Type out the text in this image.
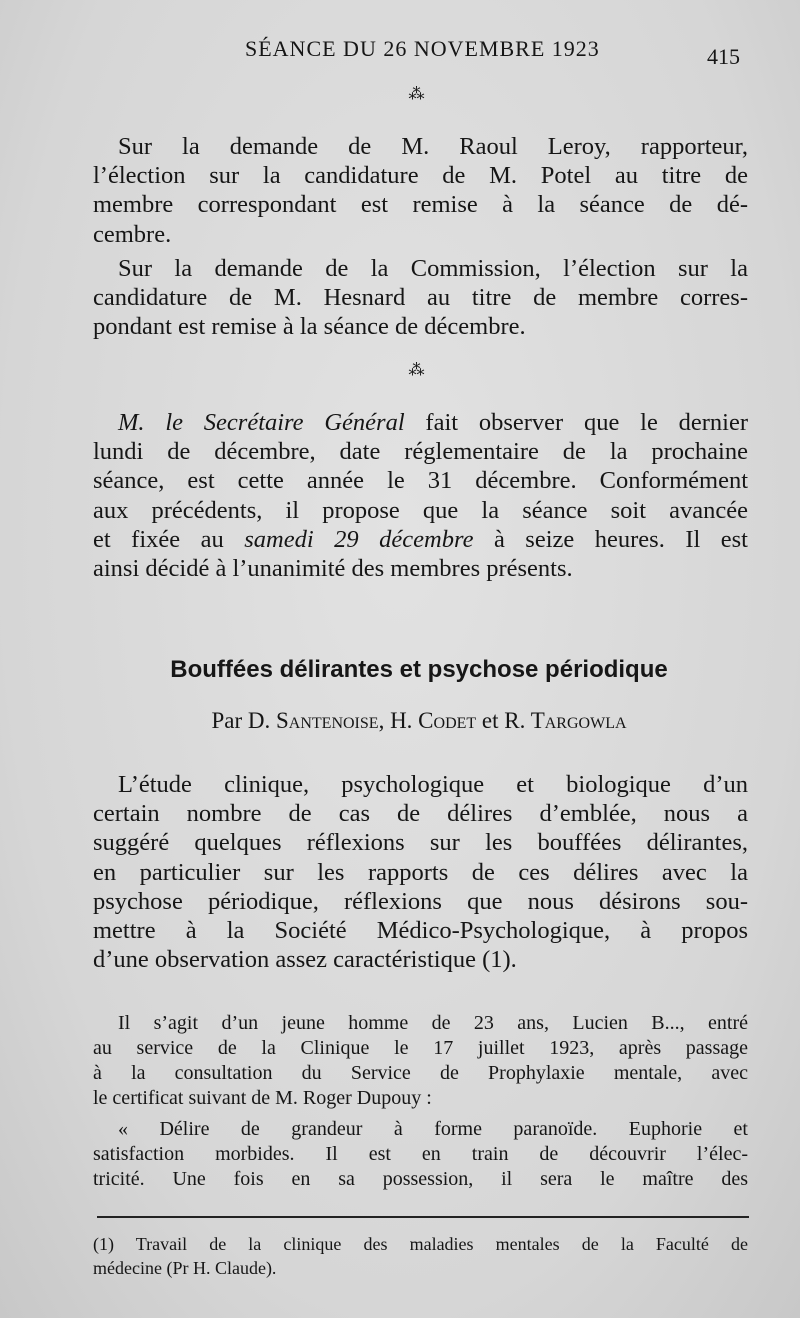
SÉANCE DU 26 NOVEMBRE 1923	415
⁂
Sur la demande de M. Raoul Leroy, rapporteur,
l’élection sur la candidature de M. Potel au titre de
membre correspondant est remise à la séance de dé-
cembre.
Sur la demande de la Commission, l’élection sur la
candidature de M. Hesnard au titre de membre corres-
pondant est remise à la séance de décembre.
⁂
M. le Secrétaire Général fait observer que le dernier
lundi de décembre, date réglementaire de la prochaine
séance, est cette année le 31 décembre. Conformément
aux précédents, il propose que la séance soit avancée
et fixée au samedi 29 décembre à seize heures. Il est
ainsi décidé à l’unanimité des membres présents.
Bouffées délirantes et psychose périodique
Par D. Santenoise, H. Codet et R. Targowla
L’étude clinique, psychologique et biologique d’un
certain nombre de cas de délires d’emblée, nous a
suggéré quelques réflexions sur les bouffées délirantes,
en particulier sur les rapports de ces délires avec la
psychose périodique, réflexions que nous désirons sou-
mettre à la Société Médico-Psychologique, à propos
d’une observation assez caractéristique (1).
Il s’agit d’un jeune homme de 23 ans, Lucien B..., entré
au service de la Clinique le 17 juillet 1923, après passage
à la consultation du Service de Prophylaxie mentale, avec
le certificat suivant de M. Roger Dupouy :
« Délire de grandeur à forme paranoïde. Euphorie et
satisfaction morbides. Il est en train de découvrir l’élec-
tricité. Une fois en sa possession, il sera le maître des
(1) Travail de la clinique des maladies mentales de la Faculté de
médecine (Pr H. Claude).
